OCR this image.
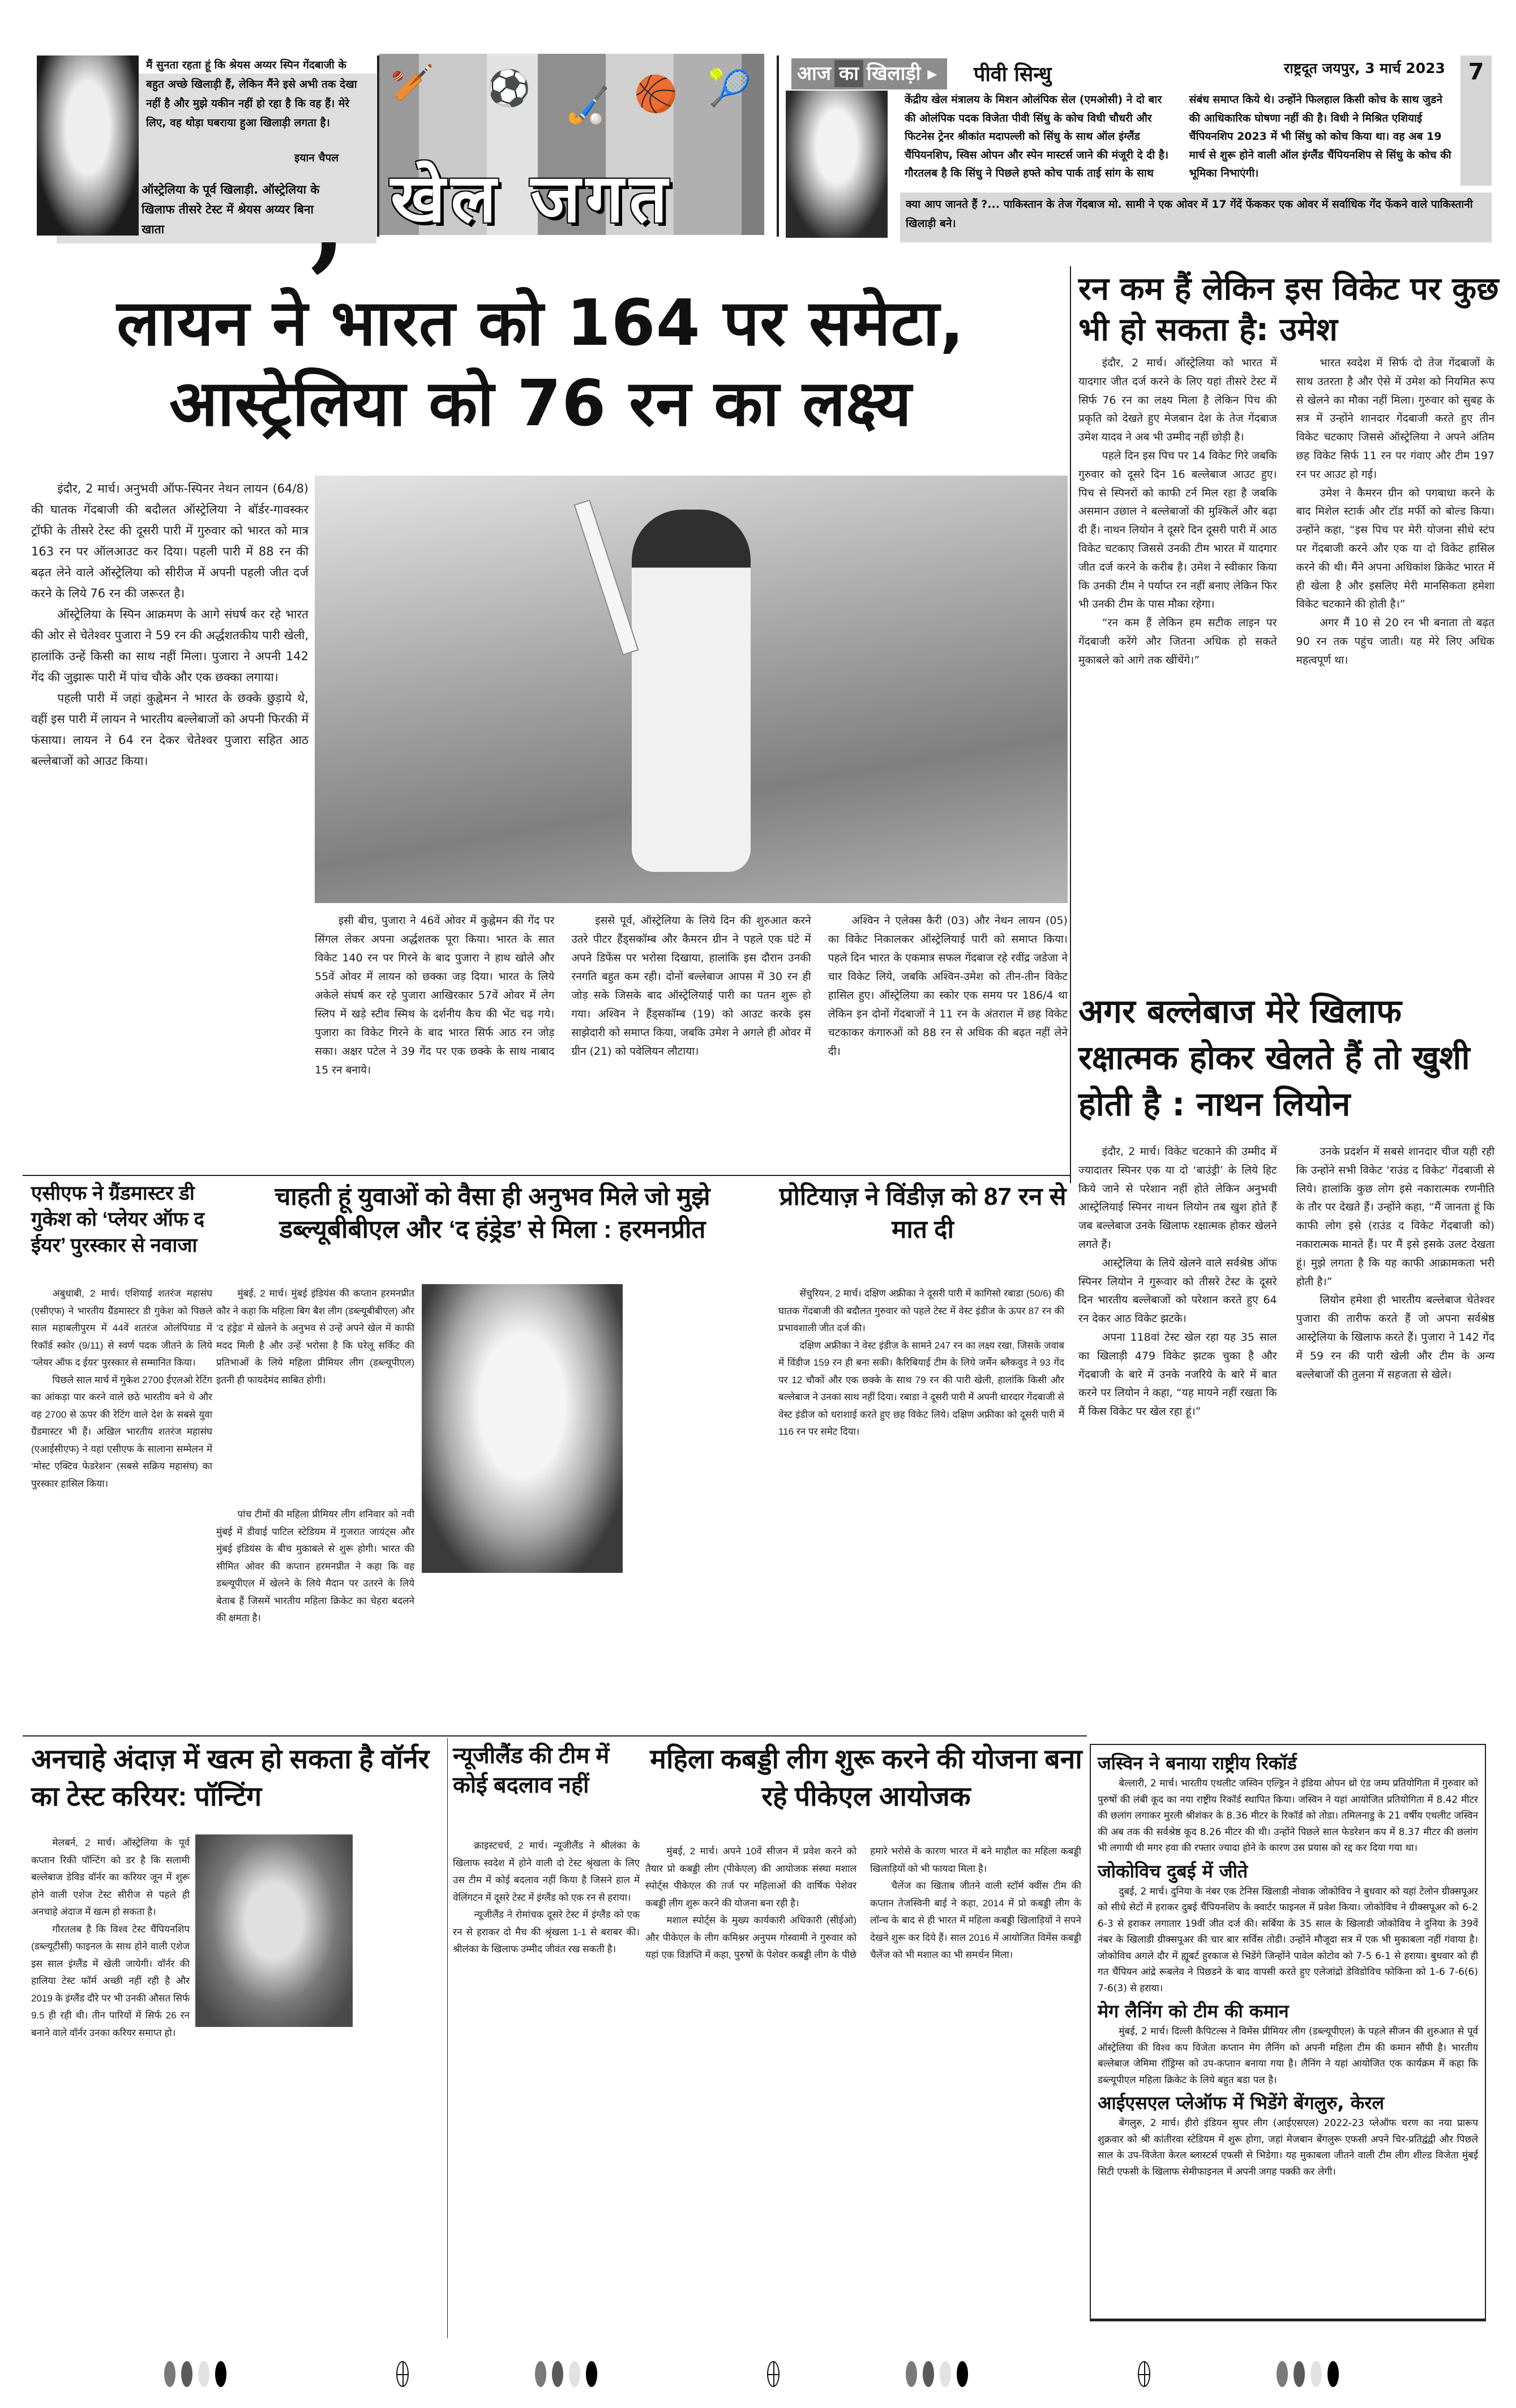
मैं सुनता रहता हूं कि श्रेयस अय्यर स्पिन गेंदबाजी के बहुत अच्छे खिलाड़ी हैं, लेकिन मैंने इसे अभी तक देखा नहीं है और मुझे यकीन नहीं हो रहा है कि वह हैं। मेरे लिए, वह थोड़ा घबराया हुआ खिलाड़ी लगता है।
ऑस्ट्रेलिया के पूर्व खिलाड़ी. ऑस्ट्रेलिया के खिलाफ तीसरे टेस्ट में श्रेयस अय्यर बिना खाता
इयान चैपल
,
🏏 ⚽ 🏑 🏀 🎾
खेल जगत
आज का खिलाड़ी ▸	पीवी सिन्धु	राष्ट्रदूत जयपुर, 3 मार्च 2023	7
केंद्रीय खेल मंत्रालय के मिशन ओलंपिक सेल (एमओसी) ने दो बार की ओलंपिक पदक विजेता पीवी सिंधु के कोच विधी चौधरी और फिटनेस ट्रेनर श्रीकांत मदापल्ली को सिंधु के साथ ऑल इंग्लैंड चैंपियनशिप, स्विस ओपन और स्पेन मास्टर्स जाने की मंजूरी दे दी है। गौरतलब है कि सिंधु ने पिछले हफ्ते कोच पार्क ताई सांग के साथ संबंध समाप्त किये थे। उन्होंने फिलहाल किसी कोच के साथ जुडने की आधिकारिक घोषणा नहीं की है। विधी ने मिश्रित एशियाई चैंपियनशिप 2023 में भी सिंधु को कोच किया था। वह अब 19 मार्च से शुरू होने वाली ऑल इंग्लैंड चैंपियनशिप से सिंधु के कोच की भूमिका निभाएंगी।
क्या आप जानते हैं ?... पाकिस्तान के तेज गेंदबाज मो. सामी ने एक ओवर में 17 गेंदें फेंककर एक ओवर में सर्वाधिक गेंद फेंकने वाले पाकिस्तानी खिलाड़ी बने।
लायन ने भारत को 164 पर समेटा,
आस्ट्रेलिया को 76 रन का लक्ष्य

इंदौर, 2 मार्च। अनुभवी ऑफ-स्पिनर नेथन लायन (64/8) की घातक गेंदबाजी की बदौलत ऑस्ट्रेलिया ने बॉर्डर-गावस्कर ट्रॉफी के तीसरे टेस्ट की दूसरी पारी में गुरुवार को भारत को मात्र 163 रन पर ऑलआउट कर दिया। पहली पारी में 88 रन की बढ़त लेने वाले ऑस्ट्रेलिया को सीरीज में अपनी पहली जीत दर्ज करने के लिये 76 रन की जरूरत है।

ऑस्ट्रेलिया के स्पिन आक्रमण के आगे संघर्ष कर रहे भारत की ओर से चेतेश्वर पुजारा ने 59 रन की अर्द्धशतकीय पारी खेली, हालांकि उन्हें किसी का साथ नहीं मिला। पुजारा ने अपनी 142 गेंद की जुझारू पारी में पांच चौके और एक छक्का लगाया।

पहली पारी में जहां कुह्नेमन ने भारत के छक्के छुड़ाये थे, वहीं इस पारी में लायन ने भारतीय बल्लेबाजों को अपनी फिरकी में फंसाया। लायन ने 64 रन देकर चेतेश्वर पुजारा सहित आठ बल्लेबाजों को आउट किया।

इसी बीच, पुजारा ने 46वें ओवर में कुह्नेमन की गेंद पर सिंगल लेकर अपना अर्द्धशतक पूरा किया। भारत के सात विकेट 140 रन पर गिरने के बाद पुजारा ने हाथ खोले और 55वें ओवर में लायन को छक्का जड़ दिया। भारत के लिये अकेले संघर्ष कर रहे पुजारा आखिरकार 57वें ओवर में लेग स्लिप में खड़े स्टीव स्मिथ के दर्शनीय कैच की भेंट चढ़ गये। पुजारा का विकेट गिरने के बाद भारत सिर्फ आठ रन जोड़ सका। अक्षर पटेल ने 39 गेंद पर एक छक्के के साथ नाबाद 15 रन बनाये।

इससे पूर्व, ऑस्ट्रेलिया के लिये दिन की शुरुआत करने उतरे पीटर हैंड्सकॉम्ब और कैमरन ग्रीन ने पहले एक घंटे में अपने डिफेंस पर भरोसा दिखाया, हालांकि इस दौरान उनकी रनगति बहुत कम रही। दोनों बल्लेबाज आपस में 30 रन ही जोड़ सके जिसके बाद ऑस्ट्रेलियाई पारी का पतन शुरू हो गया। अश्विन ने हैंड्सकॉम्ब (19) को आउट करके इस साझेदारी को समाप्त किया, जबकि उमेश ने अगले ही ओवर में ग्रीन (21) को पवेलियन लौटाया।

अश्विन ने एलेक्स कैरी (03) और नेथन लायन (05) का विकेट निकालकर ऑस्ट्रेलियाई पारी को समाप्त किया। पहले दिन भारत के एकमात्र सफल गेंदबाज रहे रवींद्र जडेजा ने चार विकेट लिये, जबकि अश्विन-उमेश को तीन-तीन विकेट हासिल हुए। ऑस्ट्रेलिया का स्कोर एक समय पर 186/4 था लेकिन इन दोनों गेंदबाजों ने 11 रन के अंतराल में छह विकेट चटकाकर कंगारुओं को 88 रन से अधिक की बढ़त नहीं लेने दी।

रन कम हैं लेकिन इस विकेट पर कुछ भी हो सकता है: उमेश

इंदौर, 2 मार्च। ऑस्ट्रेलिया को भारत में यादगार जीत दर्ज करने के लिए यहां तीसरे टेस्ट में सिर्फ 76 रन का लक्ष्य मिला है लेकिन पिच की प्रकृति को देखते हुए मेजबान देश के तेज गेंदबाज उमेश यादव ने अब भी उम्मीद नहीं छोड़ी है।

पहले दिन इस पिच पर 14 विकेट गिरे जबकि गुरुवार को दूसरे दिन 16 बल्लेबाज आउट हुए। पिच से स्पिनरों को काफी टर्न मिल रहा है जबकि असमान उछाल ने बल्लेबाजों की मुश्किलें और बढ़ा दी हैं। नाथन लियोन ने दूसरे दिन दूसरी पारी में आठ विकेट चटकाए जिससे उनकी टीम भारत में यादगार जीत दर्ज करने के करीब है। उमेश ने स्वीकार किया कि उनकी टीम ने पर्याप्त रन नहीं बनाए लेकिन फिर भी उनकी टीम के पास मौका रहेगा।

“रन कम हैं लेकिन हम सटीक लाइन पर गेंदबाजी करेंगे और जितना अधिक हो सकते मुकाबले को आगे तक खींचेंगे।”

भारत स्वदेश में सिर्फ दो तेज गेंदबाजों के साथ उतरता है और ऐसे में उमेश को नियमित रूप से खेलने का मौका नहीं मिला। गुरुवार को सुबह के सत्र में उन्होंने शानदार गेंदबाजी करते हुए तीन विकेट चटकाए जिससे ऑस्ट्रेलिया ने अपने अंतिम छह विकेट सिर्फ 11 रन पर गंवाए और टीम 197 रन पर आउट हो गई।

उमेश ने कैमरन ग्रीन को पगबाधा करने के बाद मिशेल स्टार्क और टॉड मर्फी को बोल्ड किया। उन्होंने कहा, “इस पिच पर मेरी योजना सीधे स्टंप पर गेंदबाजी करने और एक या दो विकेट हासिल करने की थी। मैंने अपना अधिकांश क्रिकेट भारत में ही खेला है और इसलिए मेरी मानसिकता हमेशा विकेट चटकाने की होती है।”

अगर मैं 10 से 20 रन भी बनाता तो बढ़त 90 रन तक पहुंच जाती। यह मेरे लिए अधिक महत्वपूर्ण था।

अगर बल्लेबाज मेरे खिलाफ रक्षात्मक होकर खेलते हैं तो खुशी होती है : नाथन लियोन

इंदौर, 2 मार्च। विकेट चटकाने की उम्मीद में ज्यादातर स्पिनर एक या दो ‘बाउंड्री’ के लिये हिट किये जाने से परेशान नहीं होते लेकिन अनुभवी आस्ट्रेलियाई स्पिनर नाथन लियोन तब खुश होते हैं जब बल्लेबाज उनके खिलाफ रक्षात्मक होकर खेलने लगते हैं।

आस्ट्रेलिया के लिये खेलने वाले सर्वश्रेष्ठ ऑफ स्पिनर लियोन ने गुरूवार को तीसरे टेस्ट के दूसरे दिन भारतीय बल्लेबाजों को परेशान करते हुए 64 रन देकर आठ विकेट झटके।

अपना 118वां टेस्ट खेल रहा यह 35 साल का खिलाड़ी 479 विकेट झटक चुका है और गेंदबाजी के बारे में उनके नजरिये के बारे में बात करने पर लियोन ने कहा, “यह मायने नहीं रखता कि मैं किस विकेट पर खेल रहा हूं।”

उनके प्रदर्शन में सबसे शानदार चीज यही रही कि उन्होंने सभी विकेट ‘राउंड द विकेट’ गेंदबाजी से लिये। हालांकि कुछ लोग इसे नकारात्मक रणनीति के तौर पर देखते हैं। उन्होंने कहा, “मैं जानता हूं कि काफी लोग इसे (राउंड द विकेट गेंदबाजी को) नकारात्मक मानते हैं। पर मैं इसे इसके उलट देखता हूं। मुझे लगता है कि यह काफी आक्रामकता भरी होती है।”

लियोन हमेशा ही भारतीय बल्लेबाज चेतेश्वर पुजारा की तारीफ करते हैं जो अपना सर्वश्रेष्ठ आस्ट्रेलिया के खिलाफ करते हैं। पुजारा ने 142 गेंद में 59 रन की पारी खेली और टीम के अन्य बल्लेबाजों की तुलना में सहजता से खेले।

एसीएफ ने ग्रैंडमास्टर डी गुकेश को ‘प्लेयर ऑफ द ईयर’ पुरस्कार से नवाजा

अबुधाबी, 2 मार्च। एशियाई शतरंज महासंघ (एसीएफ) ने भारतीय ग्रैंडमास्टर डी गुकेश को पिछले साल महाबलीपुरम में 44वें शतरंज ओलंपियाड में रिकॉर्ड स्कोर (9/11) से स्वर्ण पदक जीतने के लिये ‘प्लेयर ऑफ द ईयर’ पुरस्कार से सम्मानित किया।

पिछले साल मार्च में गुकेश 2700 ईएलओ रेटिंग का आंकड़ा पार करने वाले छठे भारतीय बने थे और वह 2700 से ऊपर की रेटिंग वाले देश के सबसे युवा ग्रैंडमास्टर भी हैं। अखिल भारतीय शतरंज महासंघ (एआईसीएफ) ने यहां एसीएफ के सालाना सम्मेलन में ‘मोस्ट एक्टिव फेडरेशन’ (सबसे सक्रिय महासंघ) का पुरस्कार हासिल किया।

चाहती हूं युवाओं को वैसा ही अनुभव मिले जो मुझे डब्ल्यूबीबीएल और ‘द हंड्रेड’ से मिला : हरमनप्रीत

मुंबई, 2 मार्च। मुंबई इंडियंस की कप्तान हरमनप्रीत कौर ने कहा कि महिला बिग बैश लीग (डब्ल्यूबीबीएल) और ‘द हंड्रेड’ में खेलने के अनुभव से उन्हें अपने खेल में काफी मदद मिली है और उन्हें भरोसा है कि घरेलू सर्किट की प्रतिभाओं के लिये महिला प्रीमियर लीग (डब्ल्यूपीएल) इतनी ही फायदेमंद साबित होगी।

पांच टीमों की महिला प्रीमियर लीग शनिवार को नवी मुंबई में डीवाई पाटिल स्टेडियम में गुजरात जायंट्स और मुंबई इंडियंस के बीच मुकाबले से शुरू होगी। भारत की सीमित ओवर की कप्तान हरमनप्रीत ने कहा कि वह डब्ल्यूपीएल में खेलने के लिये मैदान पर उतरने के लिये बेताब हैं जिसमें भारतीय महिला क्रिकेट का चेहरा बदलने की क्षमता है।

प्रोटियाज़ ने विंडीज़ को 87 रन से मात दी

सेंचुरियन, 2 मार्च। दक्षिण अफ्रीका ने दूसरी पारी में कागिसो रबाडा (50/6) की घातक गेंदबाजी की बदौलत गुरुवार को पहले टेस्ट में वेस्ट इंडीज के ऊपर 87 रन की प्रभावशाली जीत दर्ज की।

दक्षिण अफ्रीका ने वेस्ट इंडीज के सामने 247 रन का लक्ष्य रखा, जिसके जवाब में विंडीज 159 रन ही बना सकी। कैरिबियाई टीम के लिये जर्मेन ब्लैकवुड ने 93 गेंद पर 12 चौकों और एक छक्के के साथ 79 रन की पारी खेली, हालांकि किसी और बल्लेबाज ने उनका साथ नहीं दिया। रबाडा ने दूसरी पारी में अपनी धारदार गेंदबाजी से वेस्ट इंडीज को धराशाई करते हुए छह विकेट लिये। दक्षिण अफ्रीका को दूसरी पारी में 116 रन पर समेट दिया।

अनचाहे अंदाज़ में खत्म हो सकता है वॉर्नर का टेस्ट करियर: पॉन्टिंग

मेलबर्न, 2 मार्च। ऑस्ट्रेलिया के पूर्व कप्तान रिकी पॉन्टिंग को डर है कि सलामी बल्लेबाज डेविड वॉर्नर का करियर जून में शुरू होने वाली एशेज टेस्ट सीरीज से पहले ही अनचाहे अंदाज में खत्म हो सकता है।

गौरतलब है कि विश्व टेस्ट चैंपियनशिप (डब्ल्यूटीसी) फाइनल के साथ होने वाली एशेज इस साल इंग्लैंड में खेली जायेगी। वॉर्नर की हालिया टेस्ट फॉर्म अच्छी नहीं रही है और 2019 के इंग्लैंड दौरे पर भी उनकी औसत सिर्फ 9.5 ही रही थी। तीन पारियों में सिर्फ 26 रन बनाने वाले वॉर्नर उनका करियर समाप्त हो।

न्यूजीलैंड की टीम में कोई बदलाव नहीं

क्राइस्टचर्च, 2 मार्च। न्यूजीलैंड ने श्रीलंका के खिलाफ स्वदेश में होने वाली दो टेस्ट श्रृंखला के लिए उस टीम में कोई बदलाव नहीं किया है जिसने हाल में वेलिंगटन में दूसरे टेस्ट में इंग्लैंड को एक रन से हराया।

न्यूजीलैंड ने रोमांचक दूसरे टेस्ट में इंग्लैंड को एक रन से हराकर दो मैच की श्रृंखला 1-1 से बराबर की। श्रीलंका के खिलाफ उम्मीद जीवंत रख सकती है।

महिला कबड्डी लीग शुरू करने की योजना बना रहे पीकेएल आयोजक

मुंबई, 2 मार्च। अपने 10वें सीजन में प्रवेश करने को तैयार प्रो कबड्डी लीग (पीकेएल) की आयोजक संस्था मशाल स्पोर्ट्स पीकेएल की तर्ज पर महिलाओं की वार्षिक पेशेवर कबड्डी लीग शुरू करने की योजना बना रही है।

मशाल स्पोर्ट्स के मुख्य कार्यकारी अधिकारी (सीईओ) और पीकेएल के लीग कमिश्नर अनुपम गोस्वामी ने गुरुवार को यहां एक विज्ञप्ति में कहा, पुरुषों के पेशेवर कबड्डी लीग के पीछे हमारे भरोसे के कारण भारत में बने माहौल का महिला कबड्डी खिलाड़ियों को भी फायदा मिला है।

चैलेंज का खिताब जीतने वाली स्टॉर्म क्वींस टीम की कप्तान तेजस्विनी बाई ने कहा, 2014 में प्रो कबड्डी लीग के लॉन्च के बाद से ही भारत में महिला कबड्डी खिलाड़ियों ने सपने देखने शुरू कर दिये हैं। साल 2016 में आयोजित विमेंस कबड्डी चैलेंज को भी मशाल का भी समर्थन मिला।

जस्विन ने बनाया राष्ट्रीय रिकॉर्ड

बेल्लारी, 2 मार्च। भारतीय एथलीट जस्विन एल्ड्रिन ने इंडिया ओपन थ्रो एंड जम्प प्रतियोगिता में गुरुवार को पुरुषों की लंबी कूद का नया राष्ट्रीय रिकॉर्ड स्थापित किया। जस्विन ने यहां आयोजित प्रतियोगिता में 8.42 मीटर की छलांग लगाकर मुरली श्रीशंकर के 8.36 मीटर के रिकॉर्ड को तोडा। तमिलनाडु के 21 वर्षीय एथलीट जस्विन की अब तक की सर्वश्रेष्ठ कूद 8.26 मीटर की थी। उन्होंने पिछले साल फेडरेशन कप में 8.37 मीटर की छलांग भी लगायी थी मगर हवा की रफ्तार ज्यादा होने के कारण उस प्रयास को रद्द कर दिया गया था।

जोकोविच दुबई में जीते

दुबई, 2 मार्च। दुनिया के नंबर एक टेनिस खिलाडी नोवाक जोकोविच ने बुधवार को यहां टेलोन ग्रीक्सपूअर को सीधे सेटों में हराकर दुबई चैंपियनशिप के क्वार्टर फाइनल में प्रवेश किया। जोकोविच ने ग्रीक्सपूअर को 6-2 6-3 से हराकर लगातार 19वीं जीत दर्ज की। सर्बिया के 35 साल के खिलाडी जोकोविच ने दुनिया के 39वें नंबर के खिलाडी ग्रीक्सपूअर की चार बार सर्विस तोडी। उन्होंने मौजूदा सत्र में एक भी मुकाबला नहीं गंवाया है। जोकोविच अगले दौर में ह्यूबर्ट हुरकाज से भिडेंगे जिन्होंने पावेल कोटोव को 7-5 6-1 से हराया। बुधवार को ही गत चैंपियन आंद्रे रूबलेव ने पिछडने के बाद वापसी करते हुए एलेजांद्रो डेविडोविच फोकिना को 1-6 7-6(6) 7-6(3) से हराया।

मेग लैनिंग को टीम की कमान

मुंबई, 2 मार्च। दिल्ली कैपिटल्स ने विमेंस प्रीमियर लीग (डब्ल्यूपीएल) के पहले सीजन की शुरुआत से पूर्व ऑस्ट्रेलिया की विश्व कप विजेता कप्तान मेग लैनिंग को अपनी महिला टीम की कमान सौंपी है। भारतीय बल्लेबाज जेमिमा रॉड्रिग्स को उप-कप्तान बनाया गया है। लैनिंग ने यहां आयोजित एक कार्यक्रम में कहा कि डब्ल्यूपीएल महिला क्रिकेट के लिये बहुत बडा पल है।

आईएसएल प्लेऑफ में भिडेंगे बेंगलुरु, केरल

बेंगलुरु, 2 मार्च। हीरो इंडियन सुपर लीग (आईएसएल) 2022-23 प्लेऑफ चरण का नया प्रारूप शुक्रवार को श्री कांतीरवा स्टेडियम में शुरू होगा, जहां मेजबान बेंगलुरू एफसी अपने चिर-प्रतिद्वंद्वी और पिछले साल के उप-विजेता केरल ब्लास्टर्स एफसी से भिडेगा। यह मुकाबला जीतने वाली टीम लीग शील्ड विजेता मुंबई सिटी एफसी के खिलाफ सेमीफाइनल में अपनी जगह पक्की कर लेगी।
